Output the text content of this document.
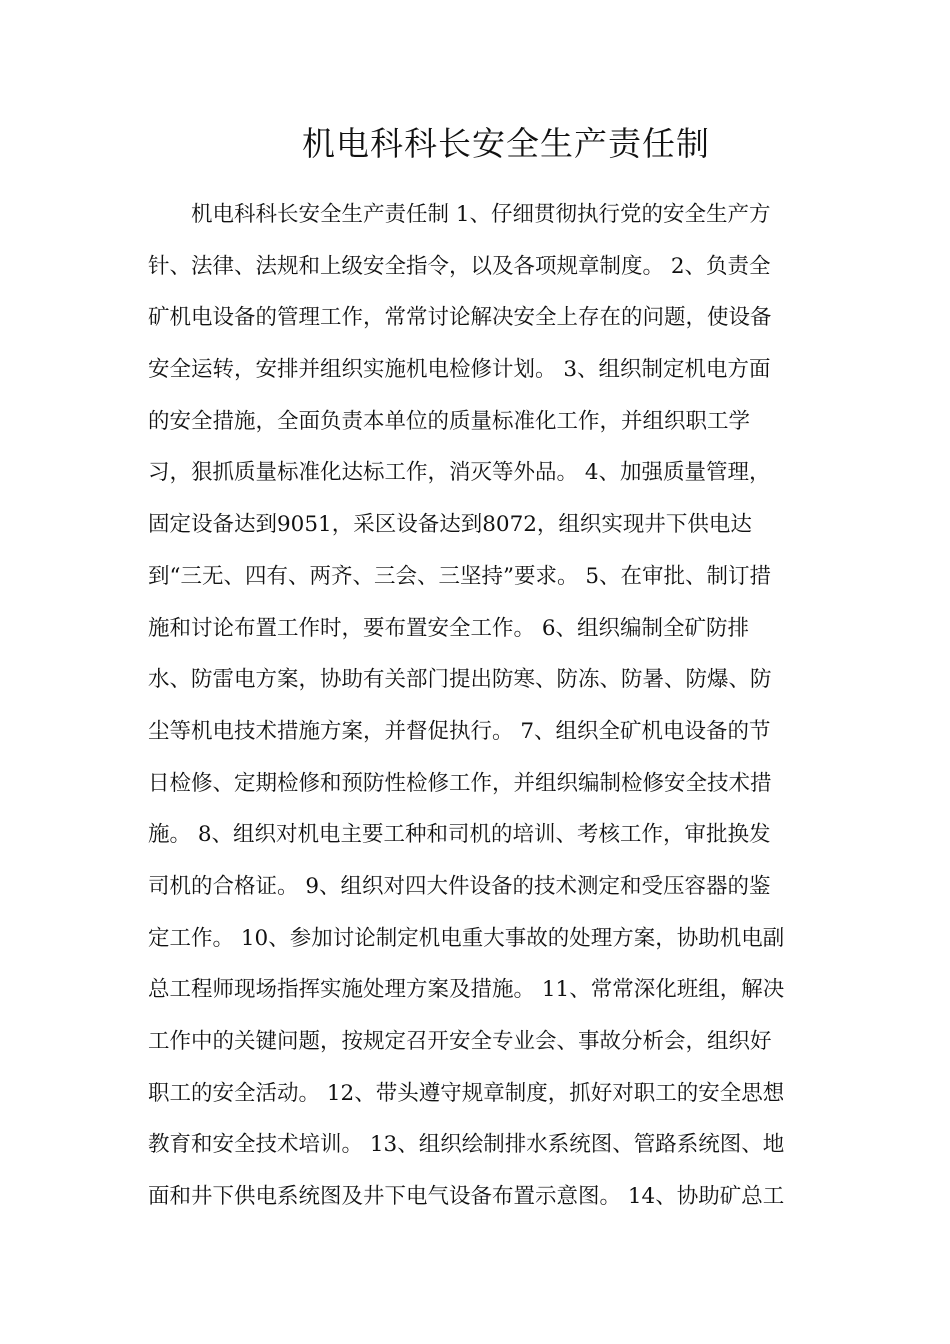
机电科科长安全生产责任制
机电科科长安全生产责任制 1、仔细贯彻执行党的安全生产方
针、法律、法规和上级安全指令，以及各项规章制度。 2、负责全
矿机电设备的管理工作，常常讨论解决安全上存在的问题，使设备
安全运转，安排并组织实施机电检修计划。 3、组织制定机电方面
的安全措施，全面负责本单位的质量标准化工作，并组织职工学
习，狠抓质量标准化达标工作，消灭等外品。 4、加强质量管理，
固定设备达到9051，采区设备达到8072，组织实现井下供电达
到“三无、四有、两齐、三会、三坚持”要求。 5、在审批、制订措
施和讨论布置工作时，要布置安全工作。 6、组织编制全矿防排
水、防雷电方案，协助有关部门提出防寒、防冻、防暑、防爆、防
尘等机电技术措施方案，并督促执行。 7、组织全矿机电设备的节
日检修、定期检修和预防性检修工作，并组织编制检修安全技术措
施。 8、组织对机电主要工种和司机的培训、考核工作，审批换发
司机的合格证。 9、组织对四大件设备的技术测定和受压容器的鉴
定工作。 10、参加讨论制定机电重大事故的处理方案，协助机电副
总工程师现场指挥实施处理方案及措施。 11、常常深化班组，解决
工作中的关键问题，按规定召开安全专业会、事故分析会，组织好
职工的安全活动。 12、带头遵守规章制度，抓好对职工的安全思想
教育和安全技术培训。 13、组织绘制排水系统图、管路系统图、地
面和井下供电系统图及井下电气设备布置示意图。 14、协助矿总工
